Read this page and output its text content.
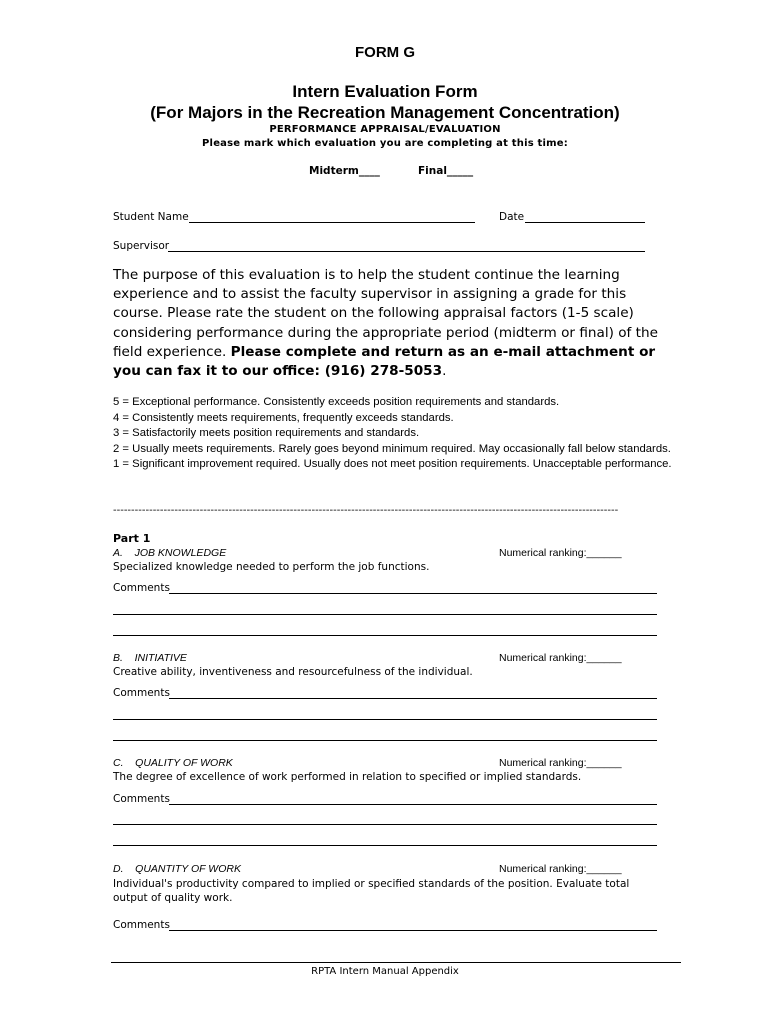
FORM G
Intern Evaluation Form
(For Majors in the Recreation Management Concentration)
PERFORMANCE APPRAISAL/EVALUATION
Please mark which evaluation you are completing at this time:
Midterm____	Final_____
Student Name	Date
Supervisor
The purpose of this evaluation is to help the student continue the learning experience and to assist the faculty supervisor in assigning a grade for this course. Please rate the student on the following appraisal factors (1-5 scale) considering performance during the appropriate period (midterm or final) of the field experience. Please complete and return as an e-mail attachment or you can fax it to our office: (916) 278-5053.
5 = Exceptional performance. Consistently exceeds position requirements and standards.
4 = Consistently meets requirements, frequently exceeds standards.
3 = Satisfactorily meets position requirements and standards.
2 = Usually meets requirements. Rarely goes beyond minimum required. May occasionally fall below standards.
1 = Significant improvement required. Usually does not meet position requirements. Unacceptable performance.
--------------------------------------------------------------------------------------------------------------------------------------------
Part 1
A. JOB KNOWLEDGE	Numerical ranking:______
Specialized knowledge needed to perform the job functions.
Comments
B. INITIATIVE	Numerical ranking:______
Creative ability, inventiveness and resourcefulness of the individual.
Comments
C. QUALITY OF WORK	Numerical ranking:______
The degree of excellence of work performed in relation to specified or implied standards.
Comments
D. QUANTITY OF WORK	Numerical ranking:______
Individual's productivity compared to implied or specified standards of the position. Evaluate total output of quality work.
Comments
RPTA Intern Manual Appendix
